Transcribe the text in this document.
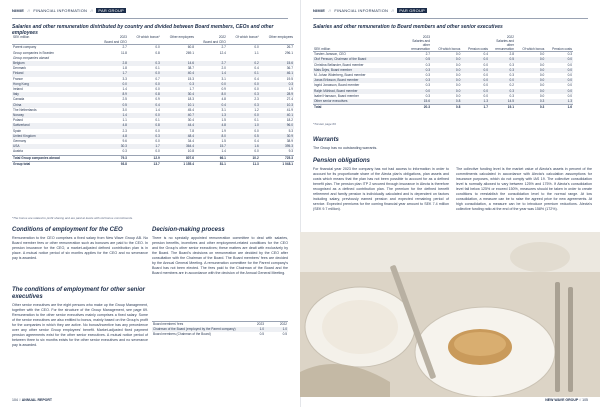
NIMIE // FINANCIAL INFORMATION // PAR GROUP
Salaries and other remuneration distributed by country and divided between Board members, CEOs and other employees
SEK million	2023	Of which bonus*	Other employees	2022	Of which bonus*	Other employees
	Board and CEO			Board and CEO		
Parent company	2.7	0.0	60.8	2.7	0.0	26.7
Group companies in Sweden	11.8	0.8	269.1	12.4	1.1	296.1
Group companies abroad						
Belgium	2.8	0.3	14.6	2.7	0.2	15.6
Denmark	1.8	0.1	38.7	2.0	0.4	36.7
Finland	1.7	0.0	40.4	1.4	0.1	46.1
France	3.3	0.7	15.3	3.1	0.4	19.5
Hong Kong	0.0	0.0	0.3	0.0	0.0	0.3
Ireland	1.4	0.0	1.7	0.9	0.0	1.9
Italy	8.9	0.8	30.4	8.0	0.3	28.9
Canada	2.5	0.9	18.3	4.8	2.3	27.4
China	0.5	0.4	10.1	0.4	0.3	10.3
The Netherlands	3.0	1.4	45.4	3.1	1.2	41.9
Norway	1.4	0.0	40.7	1.3	0.0	40.1
Poland	1.1	0.1	30.4	1.5	0.1	18.2
Switzerland	4.8	0.8	44.4	4.8	1.0	96.0
Spain	2.3	0.0	7.8	1.9	0.0	5.3
United Kingdom	4.8	0.3	48.4	8.0	0.5	30.9
Germany	9.6	0.0	34.4	1.5	0.4	38.9
USA	30.3	1.7	364.4	15.7	1.6	395.3
Austria	0.3	0.0	10.8	1.4	0.0	9.3
Total Group companies abroad	79.3	12.9	807.6	66.1	10.2	725.3
Group total	93.8	13.7	1 155.4	81.1	11.3	1 048.1
*The bonus are related to profit sharing and are paid at levels with old bonus commitments.
Conditions of employment for the CEO
Remuneration to the CEO comprises a fixed salary from New Wave Group AB. No Board member fees or other remuneration such as bonuses are paid to the CEO. In pension insurance for the CEO, a market-adjusted defined contribution plan is in place. A mutual notice period of six months applies for the CEO and no severance pay is awarded.
The conditions of employment for other senior executives
Other senior executives are the eight persons who make up the Group Management, together with the CEO. For the structure of the Group Management, see page 69. Remuneration to the other senior executives mainly comprises a fixed salary. Some of the senior executives are also entitled to bonus, mainly based on the Group's profit for the companies in which they are active. No bonus/incentive has any precedence over any other senior Group employees' benefit. Market-adjusted fixed payment pension agreements exist for the other senior executives. A mutual notice period of between three to six months exists for the other senior executives and no severance pay is awarded.
Decision-making process
There is no specially appointed remuneration committee to deal with salaries, pension benefits, incentives and other employment-related conditions for the CEO and the Group's other senior executives; these matters are dealt with exclusively by the Board. The Board's decisions on remuneration are decided by the CEO after consultation with the Chairman of the Board. The Board members' fees are decided by the Annual General Meeting. A remuneration committee for the Parent company's Board has not been elected. The fees paid to the Chairman of the Board and the Board members are in accordance with the decision of the Annual General Meeting.
Board members' fees	2023	2022
Chairman of the Board (employed by the Parent company)	1.0	1.0
Board members (Chairman of the Board)	0.5	0.5
104 // ANNUAL REPORT
NIMIE // FINANCIAL INFORMATION // PAR GROUP
Salaries and other remuneration to Board members and other senior executives
	2023			2022		
SEK million	Salaries and other remuneration	Of which bonus	Pension costs	Salaries and other remuneration	Of which bonus	Pension costs
Torsten Jansson, CEO	2.7	0.0	0.4	2.8	0.0	0.3
Olof Persson, Chairman of the Board	0.5	0.0	0.0	0.5	0.0	0.0
Christina Bellander, Board member	0.3	0.0	0.0	0.3	0.0	0.0
Mats Årjes, Board member	0.3	0.0	0.0	0.3	0.0	0.0
M. Johan Widerberg, Board member	0.3	0.0	0.0	0.3	0.0	0.0
Jonas Eriksson, Board member	0.3	0.0	0.0	0.0	0.0	0.0
Ingrid Jonasson, Board member	0.3	0.0	0.0	0.2	0.0	0.0
Ralph Mühlrad, Board member	0.0	0.0	0.0	0.3	0.0	0.0
Isabel Hansson, Board member	0.3	0.0	0.0	0.3	0.0	0.0
Other senior executives	15.6	0.8	1.3	14.5	0.3	1.3
Total	20.3	0.8	1.7	19.1	0.3	1.6
*Torsten page 69
Warrants
The Group has no outstanding warrants.
Pension obligations
For financial year 2023 the company has not had access to information in order to account for its proportionate share of the Alecta plan's obligations, plan assets and costs which means that the plan has not been possible to account for as a defined benefit plan. The pension plan ITP 2 secured through insurance in Alecta is therefore recognised as a defined contribution plan. The premium for the defined benefit retirement and family pension is individually calculated and is dependent on factors including salary, previously earned pension and expected remaining period of service. Expected premiums for the coming financial year amount to SEK 7.4 million (SEK 9.7 million).
The collective funding level is the market value of Alecta's assets in percent of the commitments calculated in accordance with Alecta's calculation assumptions for insurance purposes, which do not comply with IAS 19. The collective consolidation level is normally allowed to vary between 125% and 175%. If Alecta's consolidation level fall below 125% or exceed 150%, measures should be taken in order to create conditions to reestablish the consolidation level to the normal range. At low consolidation, a measure can be to raise the agreed price for new agreements. At high consolidation, a measure can be to introduce premium reductions. Alecta's collective funding ratio at the end of the year was 158% (172%).
NEW WAVE GROUP // 105
